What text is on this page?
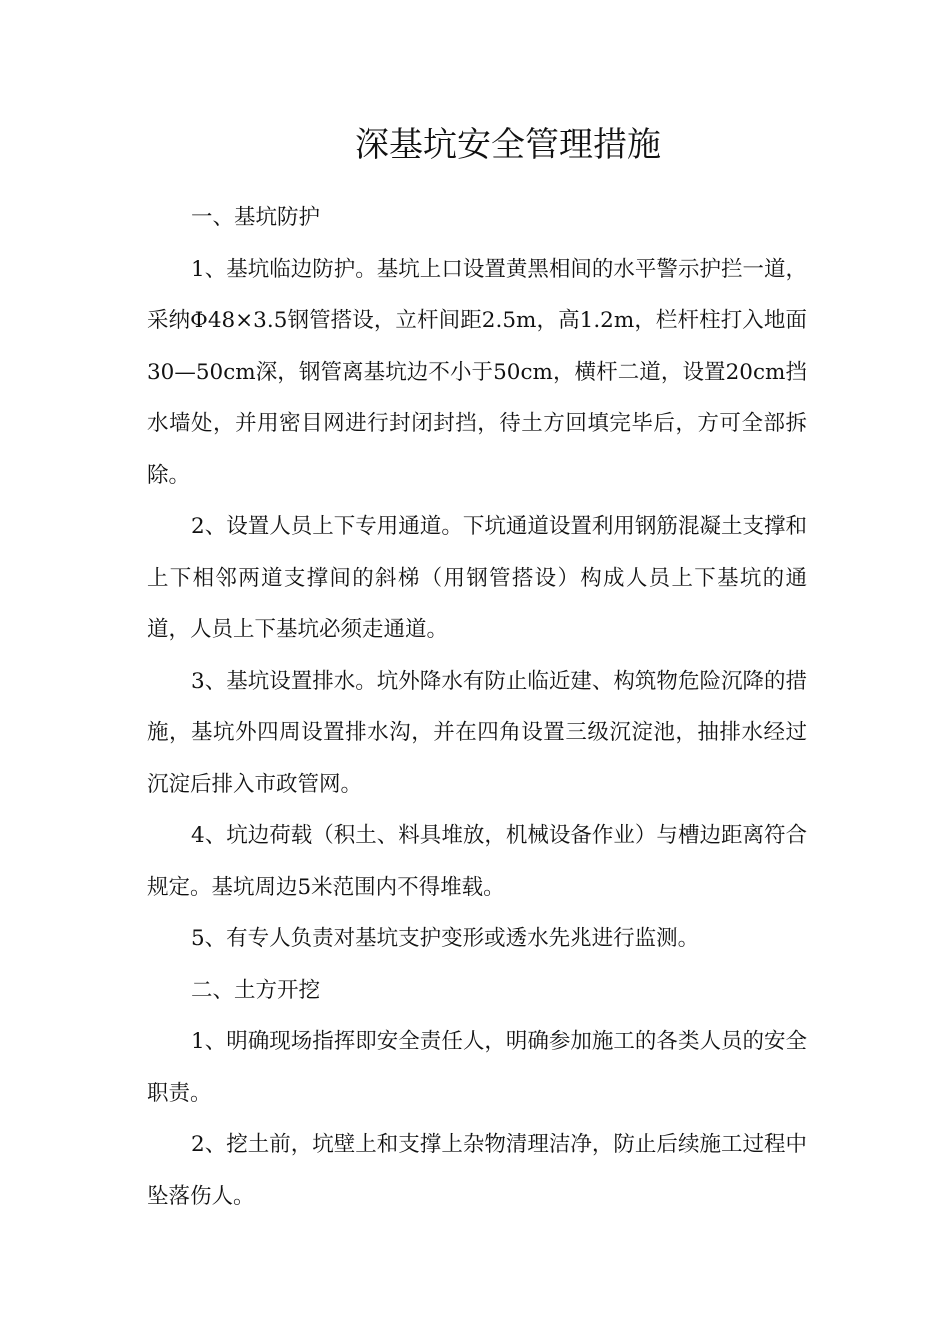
深基坑安全管理措施

一、基坑防护

1、基坑临边防护。基坑上口设置黄黑相间的水平警示护拦一道，采纳Φ48×3.5钢管搭设，立杆间距2.5m，高1.2m，栏杆柱打入地面30—50cm深，钢管离基坑边不小于50cm，横杆二道，设置20cm挡水墙处，并用密目网进行封闭封挡，待土方回填完毕后，方可全部拆除。

2、设置人员上下专用通道。下坑通道设置利用钢筋混凝土支撑和上下相邻两道支撑间的斜梯（用钢管搭设）构成人员上下基坑的通道，人员上下基坑必须走通道。

3、基坑设置排水。坑外降水有防止临近建、构筑物危险沉降的措施，基坑外四周设置排水沟，并在四角设置三级沉淀池，抽排水经过沉淀后排入市政管网。

4、坑边荷载（积土、料具堆放，机械设备作业）与槽边距离符合规定。基坑周边5米范围内不得堆载。

5、有专人负责对基坑支护变形或透水先兆进行监测。

二、土方开挖

1、明确现场指挥即安全责任人，明确参加施工的各类人员的安全职责。

2、挖土前，坑壁上和支撑上杂物清理洁净，防止后续施工过程中坠落伤人。
